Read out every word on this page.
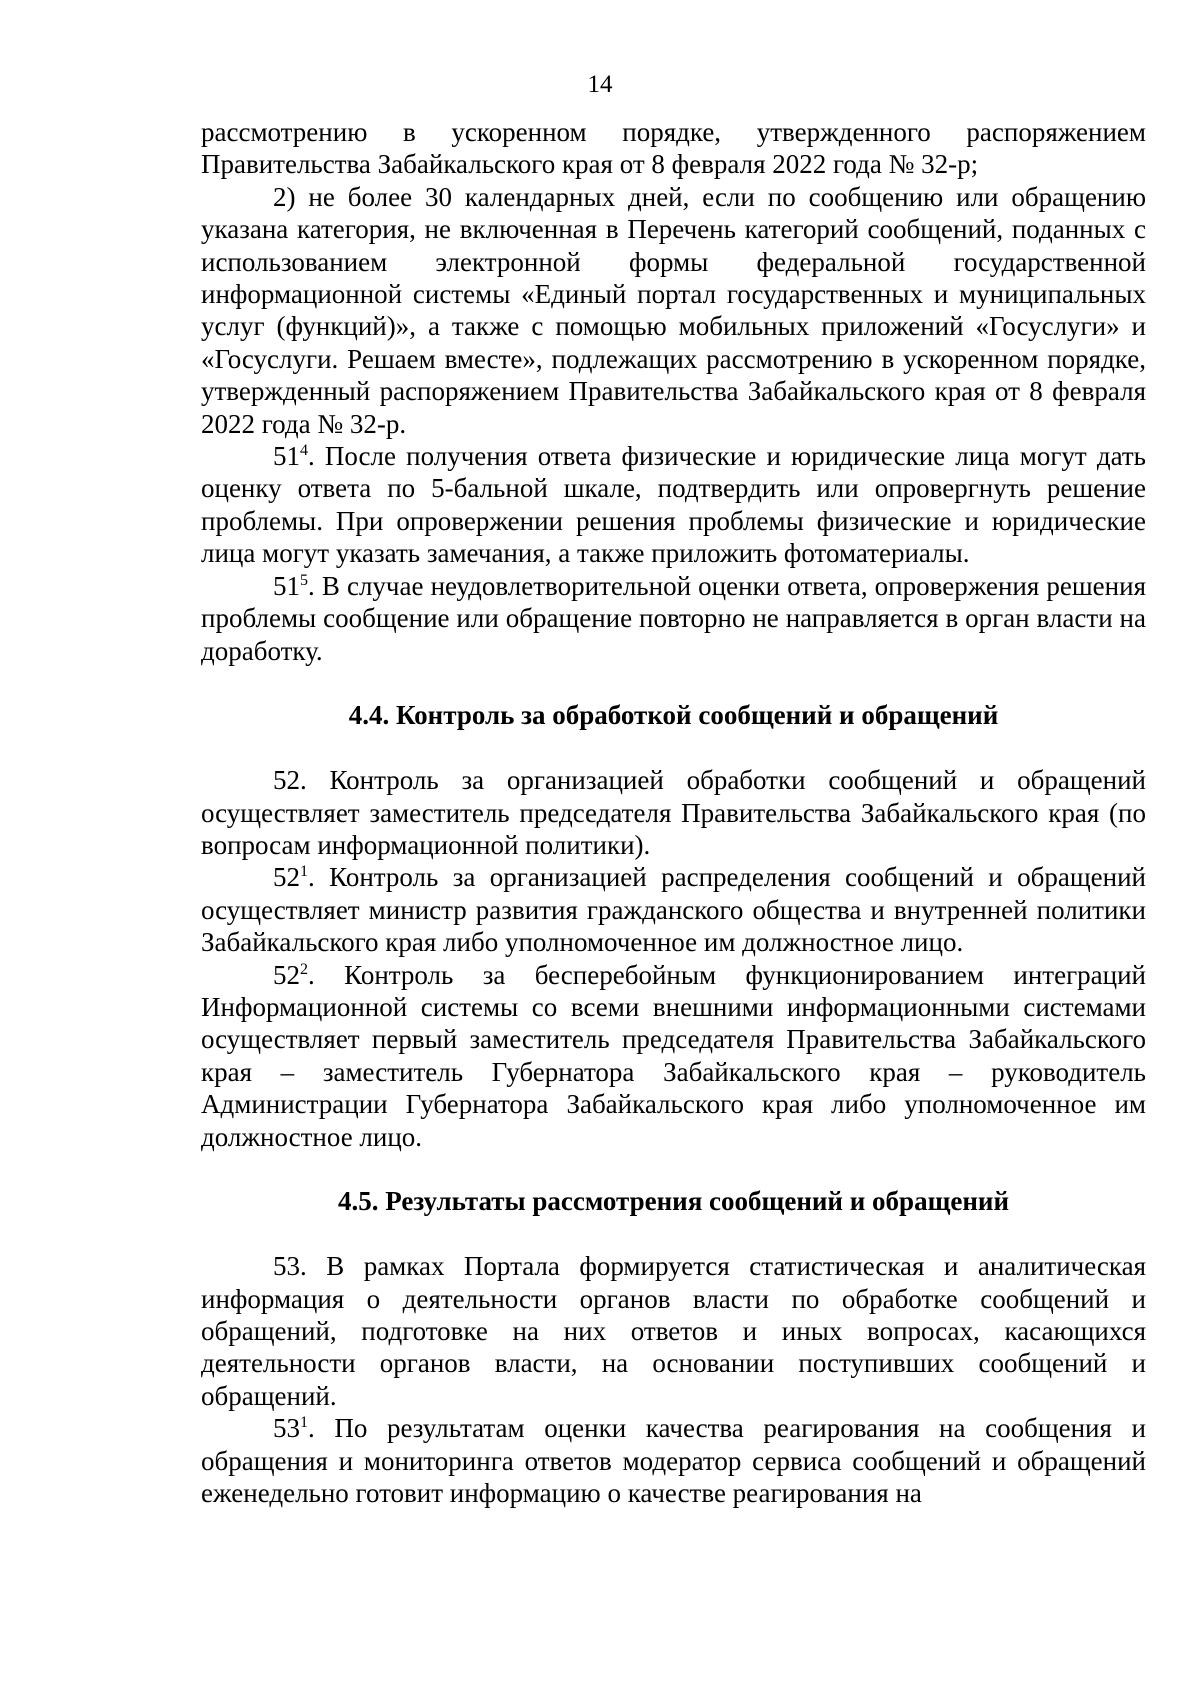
14

рассмотрению в ускоренном порядке, утвержденного распоряжением Правительства Забайкальского края от 8 февраля 2022 года № 32-р;

2) не более 30 календарных дней, если по сообщению или обращению указана категория, не включенная в Перечень категорий сообщений, поданных с использованием электронной формы федеральной государственной информационной системы «Единый портал государственных и муниципальных услуг (функций)», а также с помощью мобильных приложений «Госуслуги» и «Госуслуги. Решаем вместе», подлежащих рассмотрению в ускоренном порядке, утвержденный распоряжением Правительства Забайкальского края от 8 февраля 2022 года № 32-р.

$51^4$. После получения ответа физические и юридические лица могут дать оценку ответа по 5-бальной шкале, подтвердить или опровергнуть решение проблемы. При опровержении решения проблемы физические и юридические лица могут указать замечания, а также приложить фотоматериалы.

$51^5$. В случае неудовлетворительной оценки ответа, опровержения решения проблемы сообщение или обращение повторно не направляется в орган власти на доработку.

4.4. Контроль за обработкой сообщений и обращений

52. Контроль за организацией обработки сообщений и обращений осуществляет заместитель председателя Правительства Забайкальского края (по вопросам информационной политики).

$52^1$. Контроль за организацией распределения сообщений и обращений осуществляет министр развития гражданского общества и внутренней политики Забайкальского края либо уполномоченное им должностное лицо.

$52^2$. Контроль за бесперебойным функционированием интеграций Информационной системы со всеми внешними информационными системами осуществляет первый заместитель председателя Правительства Забайкальского края – заместитель Губернатора Забайкальского края – руководитель Администрации Губернатора Забайкальского края либо уполномоченное им должностное лицо.

4.5. Результаты рассмотрения сообщений и обращений

53. В рамках Портала формируется статистическая и аналитическая информация о деятельности органов власти по обработке сообщений и обращений, подготовке на них ответов и иных вопросах, касающихся деятельности органов власти, на основании поступивших сообщений и обращений.

$53^1$. По результатам оценки качества реагирования на сообщения и обращения и мониторинга ответов модератор сервиса сообщений и обращений еженедельно готовит информацию о качестве реагирования на
